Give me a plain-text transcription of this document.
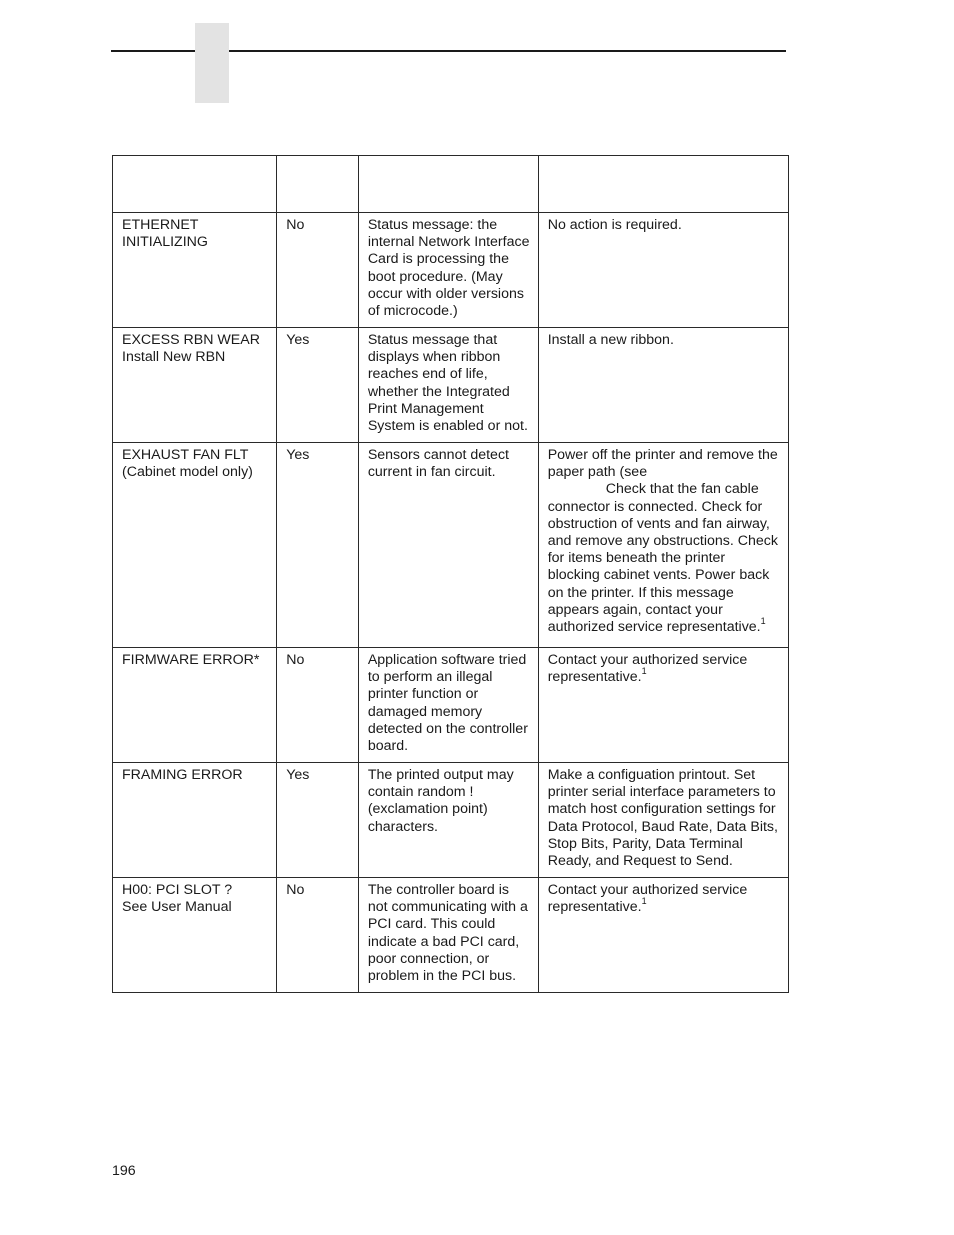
ETHERNET
INITIALIZING	No	Status message: the internal Network Interface Card is processing the boot procedure. (May occur with older versions of microcode.)	No action is required.

EXCESS RBN WEAR
Install New RBN	Yes	Status message that displays when ribbon reaches end of life, whether the Integrated Print Management System is enabled or not.	Install a new ribbon.

EXHAUST FAN FLT
(Cabinet model only)	Yes	Sensors cannot detect current in fan circuit.	Power off the printer and remove the paper path (see
Check that the fan cable connector is connected. Check for obstruction of vents and fan airway, and remove any obstructions. Check for items beneath the printer blocking cabinet vents. Power back on the printer. If this message appears again, contact your authorized service representative.$^1$

FIRMWARE ERROR*	No	Application software tried to perform an illegal printer function or damaged memory detected on the controller board.	Contact your authorized service representative.$^1$

FRAMING ERROR	Yes	The printed output may contain random ! (exclamation point) characters.	Make a configuation printout. Set printer serial interface parameters to match host configuration settings for Data Protocol, Baud Rate, Data Bits, Stop Bits, Parity, Data Terminal Ready, and Request to Send.

H00: PCI SLOT ?
See User Manual	No	The controller board is not communicating with a PCI card. This could indicate a bad PCI card, poor connection, or problem in the PCI bus.	Contact your authorized service representative.$^1$
196
